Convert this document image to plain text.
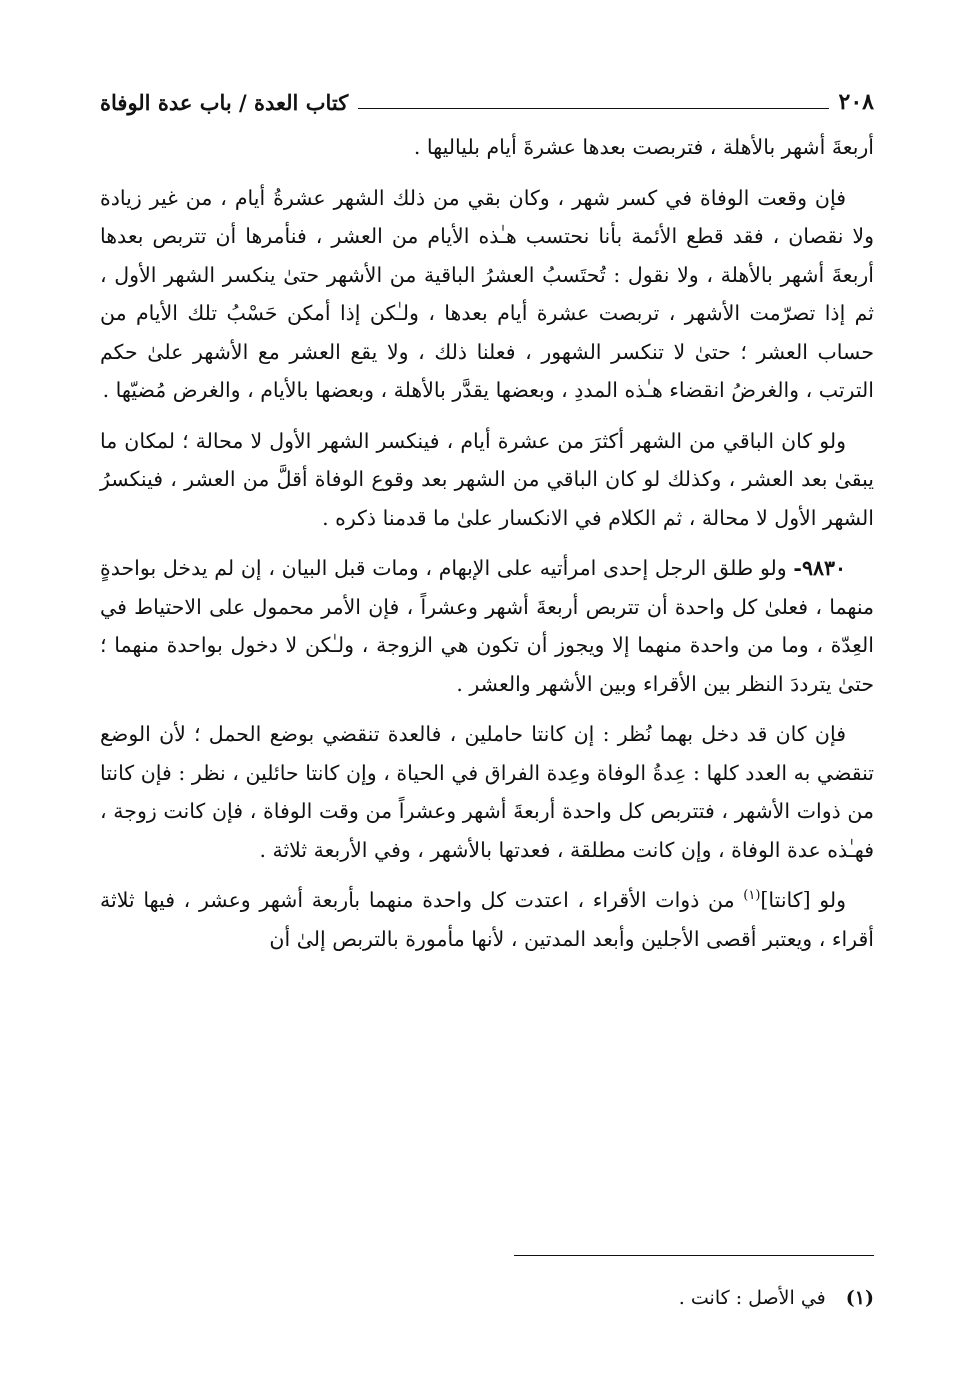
٢٠٨
كتاب العدة / باب عدة الوفاة

أربعةَ أشهر بالأهلة ، فتربصت بعدها عشرةَ أيام بلياليها .

فإن وقعت الوفاة في كسر شهر ، وكان بقي من ذلك الشهر عشرةُ أيام ، من غير زيادة ولا نقصان ، فقد قطع الأئمة بأنا نحتسب هـٰذه الأيام من العشر ، فنأمرها أن تتربص بعدها أربعةَ أشهر بالأهلة ، ولا نقول : تُحتَسبُ العشرُ الباقية من الأشهر حتىٰ ينكسر الشهر الأول ، ثم إذا تصرّمت الأشهر ، تربصت عشرة أيام بعدها ، ولـٰكن إذا أمكن حَسْبُ تلك الأيام من حساب العشر ؛ حتىٰ لا تنكسر الشهور ، فعلنا ذلك ، ولا يقع العشر مع الأشهر علىٰ حكم الترتب ، والغرضُ انقضاء هـٰذه المددِ ، وبعضها يقدَّر بالأهلة ، وبعضها بالأيام ، والغرض مُضيّها .

ولو كان الباقي من الشهر أكثرَ من عشرة أيام ، فينكسر الشهر الأول لا محالة ؛ لمكان ما يبقىٰ بعد العشر ، وكذلك لو كان الباقي من الشهر بعد وقوع الوفاة أقلَّ من العشر ، فينكسرُ الشهر الأول لا محالة ، ثم الكلام في الانكسار علىٰ ما قدمنا ذكره .

٩٨٣٠- ولو طلق الرجل إحدى امرأتيه على الإبهام ، ومات قبل البيان ، إن لم يدخل بواحدةٍ منهما ، فعلىٰ كل واحدة أن تتربص أربعةَ أشهر وعشراً ، فإن الأمر محمول على الاحتياط في العِدّة ، وما من واحدة منهما إلا ويجوز أن تكون هي الزوجة ، ولـٰكن لا دخول بواحدة منهما ؛ حتىٰ يترددَ النظر بين الأقراء وبين الأشهر والعشر .

فإن كان قد دخل بهما نُظر : إن كانتا حاملين ، فالعدة تنقضي بوضع الحمل ؛ لأن الوضع تنقضي به العدد كلها : عِدةُ الوفاة وعِدة الفراق في الحياة ، وإن كانتا حائلين ، نظر : فإن كانتا من ذوات الأشهر ، فتتربص كل واحدة أربعةَ أشهر وعشراً من وقت الوفاة ، فإن كانت زوجة ، فهـٰذه عدة الوفاة ، وإن كانت مطلقة ، فعدتها بالأشهر ، وفي الأربعة ثلاثة .

ولو [كانتا]$^{(١)}$ من ذوات الأقراء ، اعتدت كل واحدة منهما بأربعة أشهر وعشر ، فيها ثلاثة أقراء ، ويعتبر أقصى الأجلين وأبعد المدتين ، لأنها مأمورة بالتربص إلىٰ أن

(١) في الأصل : كانت .
